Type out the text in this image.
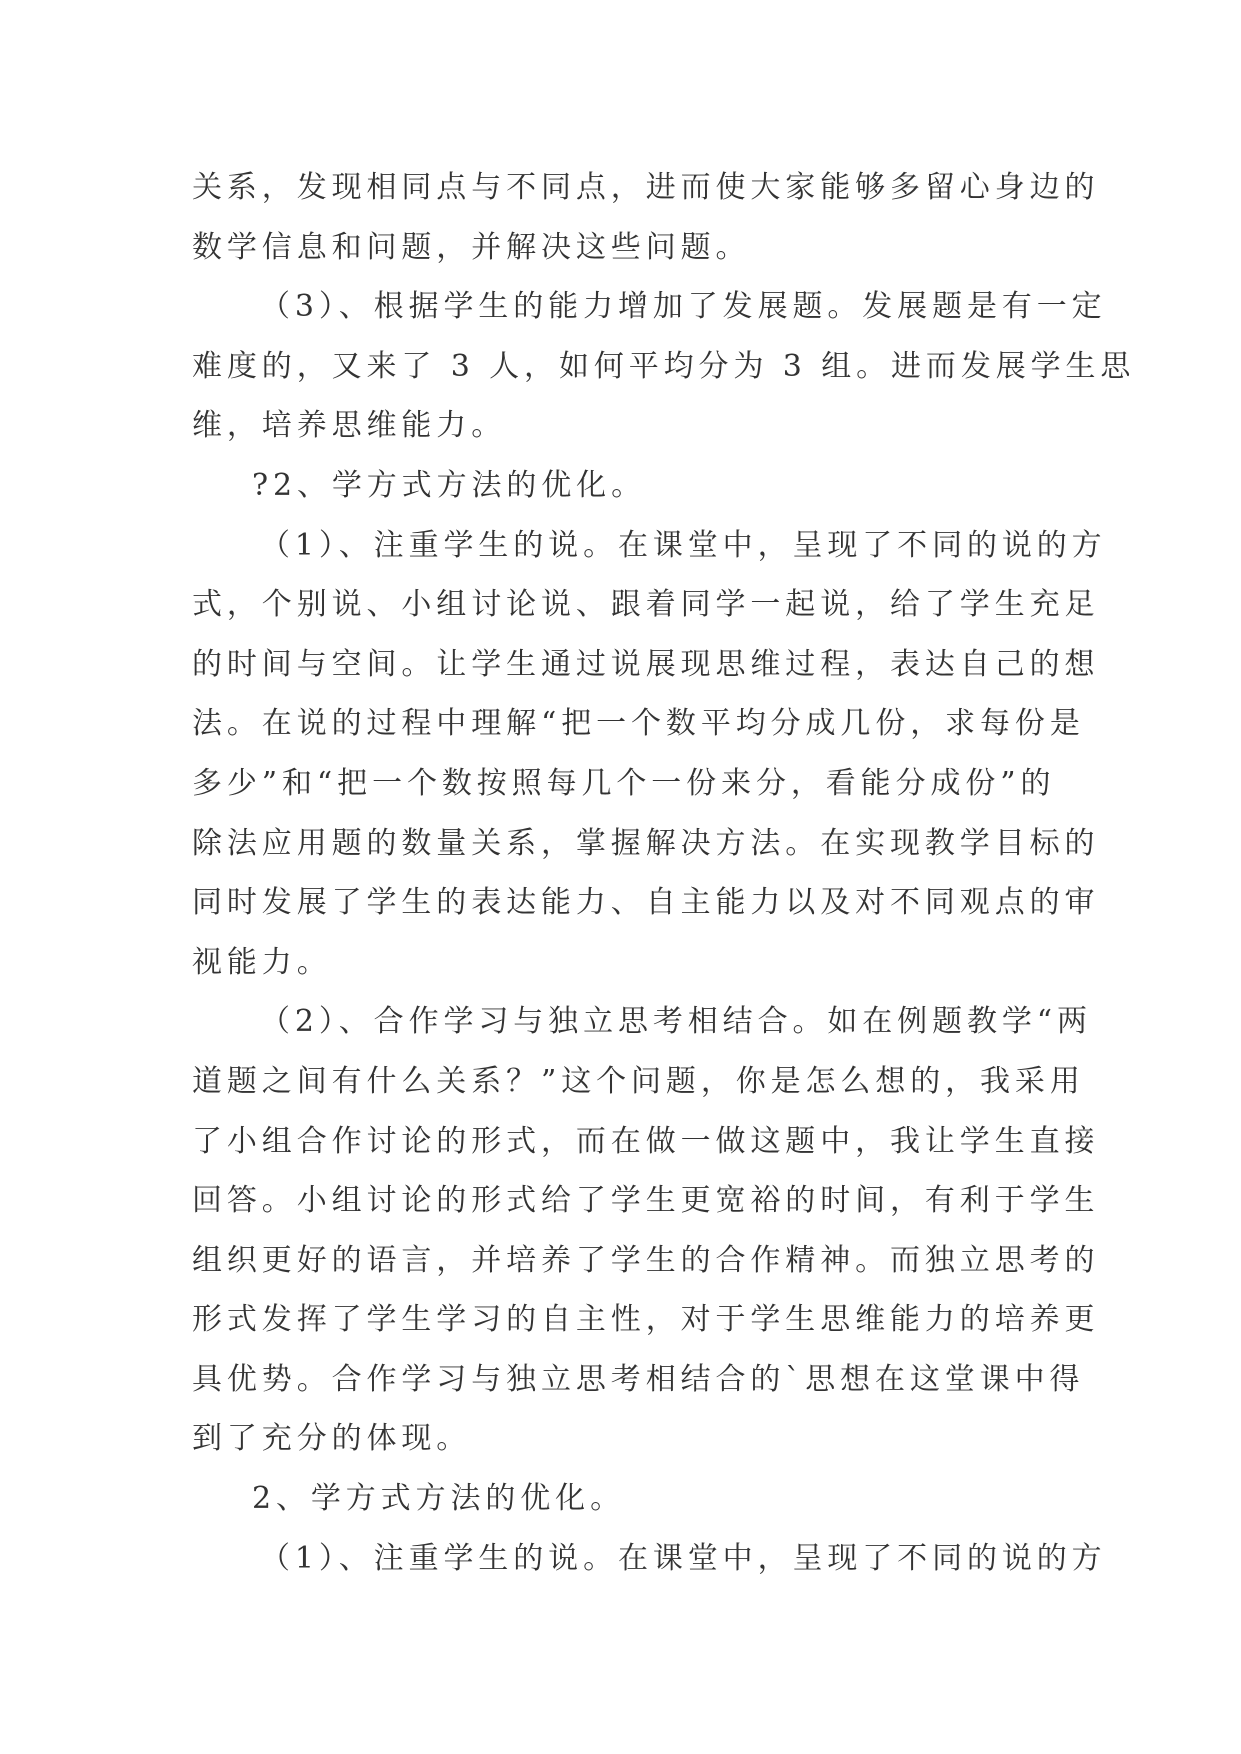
关系，发现相同点与不同点，进而使大家能够多留心身边的
数学信息和问题，并解决这些问题。
（3）、根据学生的能力增加了发展题。发展题是有一定
难度的，又来了 3 人，如何平均分为 3 组。进而发展学生思
维，培养思维能力。
?2、学方式方法的优化。
（1）、注重学生的说。在课堂中，呈现了不同的说的方
式，个别说、小组讨论说、跟着同学一起说，给了学生充足
的时间与空间。让学生通过说展现思维过程，表达自己的想
法。在说的过程中理解“把一个数平均分成几份，求每份是
多少”和“把一个数按照每几个一份来分，看能分成份”的
除法应用题的数量关系，掌握解决方法。在实现教学目标的
同时发展了学生的表达能力、自主能力以及对不同观点的审
视能力。
（2）、合作学习与独立思考相结合。如在例题教学“两
道题之间有什么关系？”这个问题，你是怎么想的，我采用
了小组合作讨论的形式，而在做一做这题中，我让学生直接
回答。小组讨论的形式给了学生更宽裕的时间，有利于学生
组织更好的语言，并培养了学生的合作精神。而独立思考的
形式发挥了学生学习的自主性，对于学生思维能力的培养更
具优势。合作学习与独立思考相结合的`思想在这堂课中得
到了充分的体现。
2、学方式方法的优化。
（1）、注重学生的说。在课堂中，呈现了不同的说的方
